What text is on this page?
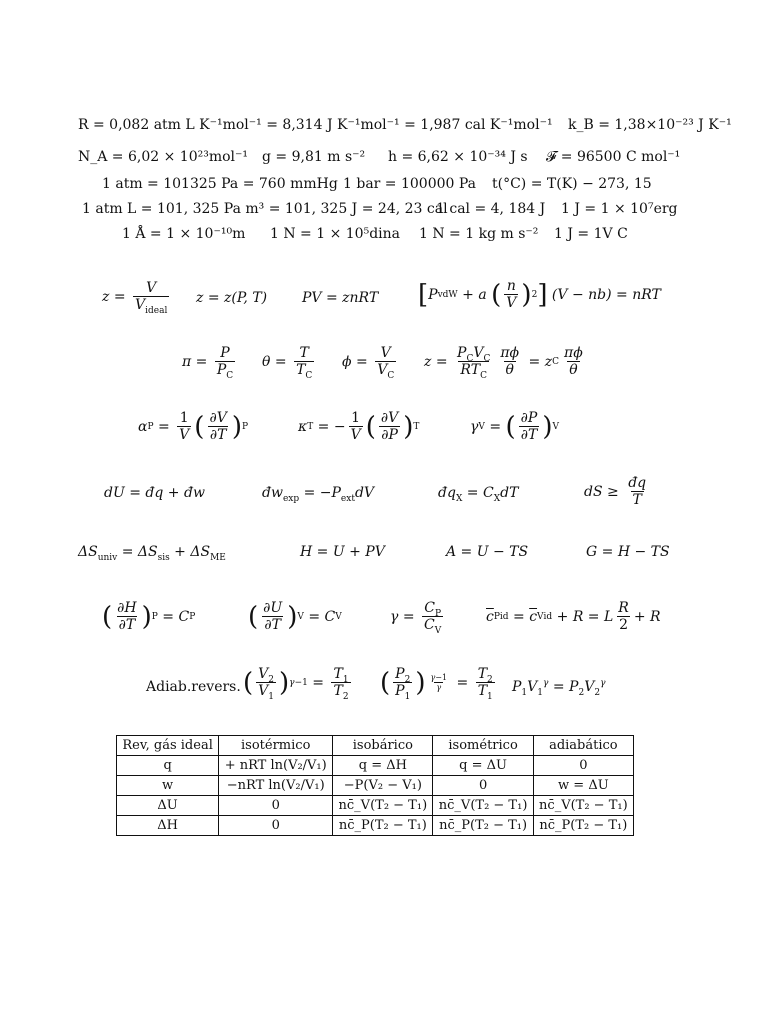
R = 0,082 atm L K⁻¹mol⁻¹ = 8,314 J K⁻¹mol⁻¹ = 1,987 cal K⁻¹mol⁻¹ k_B = 1,38×10⁻²³ J K⁻¹
N_A = 6,02 × 10²³mol⁻¹ g = 9,81 m s⁻² h = 6,62 × 10⁻³⁴ J s 𝓕 = 96500 C mol⁻¹
1 atm = 101325 Pa = 760 mmHg 1 bar = 100000 Pa t(°C) = T(K) − 273, 15
1 atm L = 101, 325 Pa m³ = 101, 325 J = 24, 23 cal
1 cal = 4, 184 J 1 J = 1 × 10⁷erg
1 Å = 1 × 10⁻¹⁰m 1 N = 1 × 10⁵dina 1 N = 1 kg m s⁻² 1 J = 1V C
$z = \frac{V}{V_{ideal}}$ z = z(P, T) PV = znRT [ P vdW + a
( $\frac{n}{V}$ ) 2 ]
(V − nb) = nRT
$\pi = \frac{P}{P_C}$ $\theta = \frac{T}{T_C}$ $\phi = \frac{V}{V_C}$ $z = \frac{P_CV_C}{RT_C} \frac{\pi\phi}{\theta} = z$ C $\frac{\pi\phi}{\theta}$
α $P = \frac{1}{V}$ ( $\frac{\partial V}{\partial T}$ ) P	κ T = − $\frac{1}{V}$ ( $\frac{\partial V}{\partial P}$ ) T	γ V = ( $\frac{\partial P}{\partial T}$ ) V
dU = đq + đw	$đw_{exp} = -P_{ext}dV$	$đq_X = C_XdT$	dS ≥ $\frac{đq}{T}$
$\Delta S_{univ} = \Delta S_{sis} + \Delta S_{ME}$	H = U + PV	A = U − TS	G = H − TS
( $\frac{\partial H}{\partial T}$ ) P = C P ( $\frac{\partial U}{\partial T}$ ) V = C V	$\gamma = \frac{C_P}{C_V}$	$\overline{c}$ P id = $\overline{c}$ V id + R = L $\frac{R}{2} + R$
Adiab.revers. ( $\frac{V_2}{V_1}$ ) $\gamma-1 = \frac{T_1}{T_2}$ ( $\frac{P_2}{P_1}$ ) $\frac{\gamma-1}{\gamma} = \frac{T_2}{T_1} P_1V_1^\gamma = P_2V_2^\gamma$
Rev, gás ideal	isotérmico	isobárico	isométrico	adiabático
q	+ nRT ln(V₂/V₁)	q = ΔH	q = ΔU	0
w	−nRT ln(V₂/V₁)	−P(V₂ − V₁)	0	w = ΔU
ΔU	0	nc̄_V(T₂ − T₁)	nc̄_V(T₂ − T₁)	nc̄_V(T₂ − T₁)
ΔH	0	nc̄_P(T₂ − T₁)	nc̄_P(T₂ − T₁)	nc̄_P(T₂ − T₁)
